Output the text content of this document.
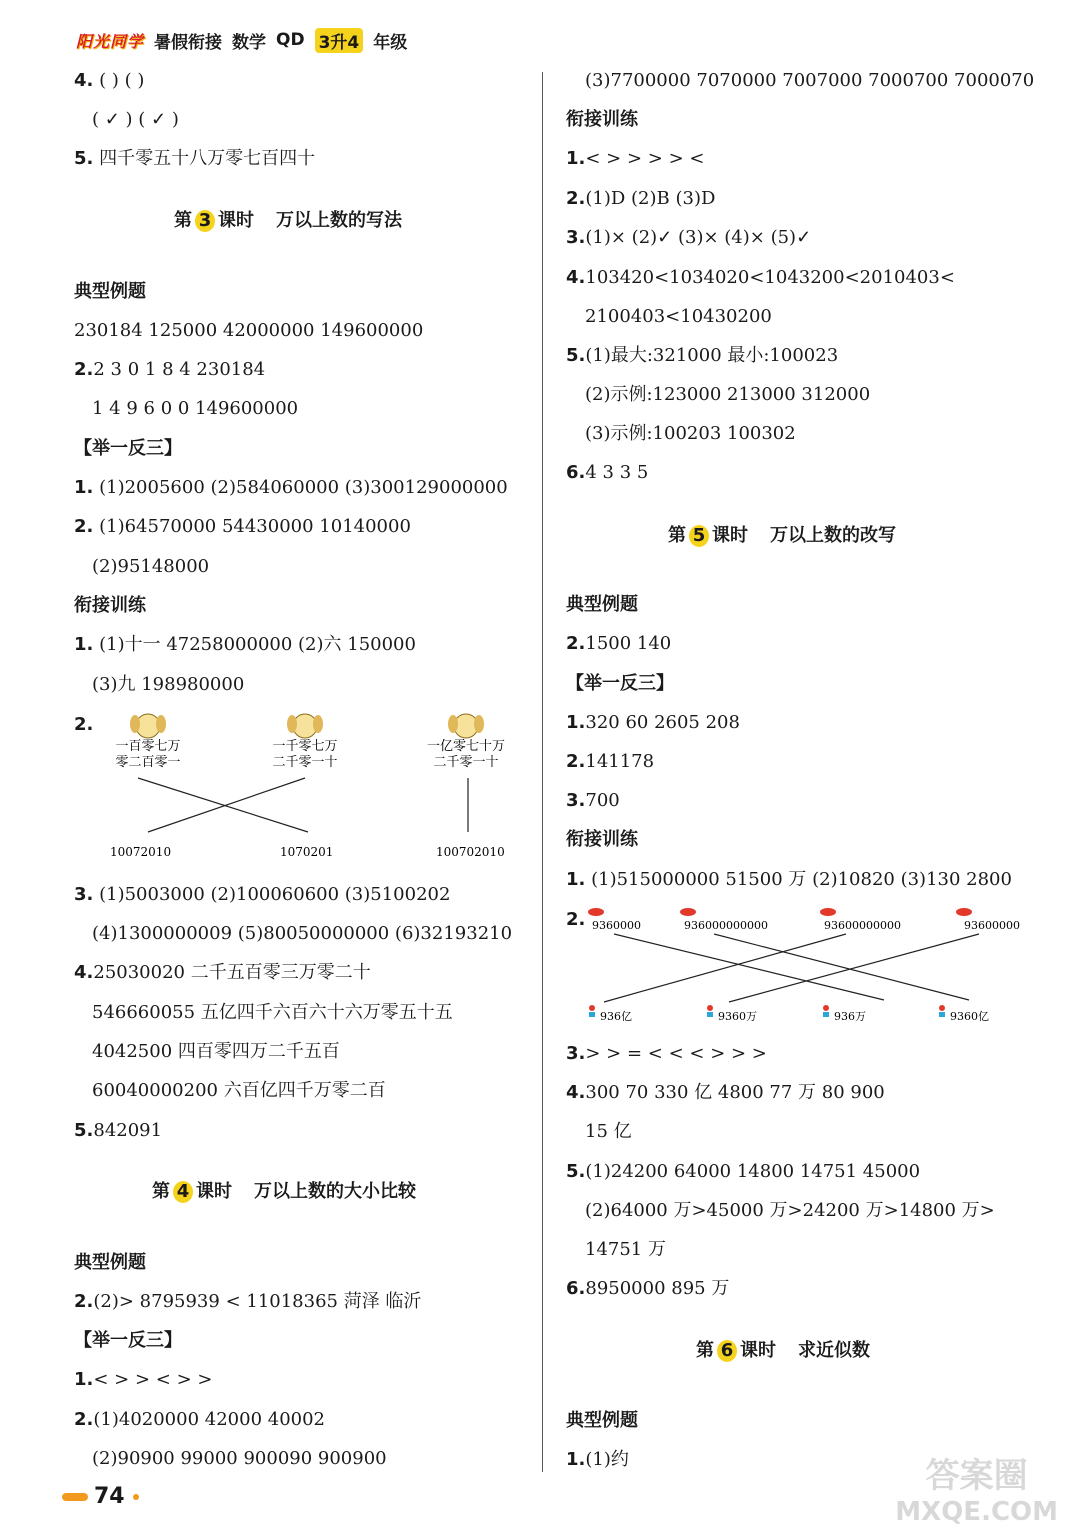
阳光同学 暑假衔接 数学 QD 3升4 年级
4. ( ) ( )
( ✓ ) ( ✓ )
5. 四千零五十八万零七百四十
第 3 课时 万以上数的写法
典型例题
230184 125000 42000000 149600000
2.2 3 0 1 8 4 230184
1 4 9 6 0 0 149600000
【举一反三】
1. (1)2005600 (2)584060000 (3)300129000000
2. (1)64570000 54430000 10140000
(2)95148000
衔接训练
1. (1)十一 47258000000 (2)六 150000
(3)九 198980000
2.
一百零七万
零二百零一
一千零七万
二千零一十
一亿零七十万
二千零一十
10072010	1070201	100702010
3. (1)5003000 (2)100060600 (3)5100202
(4)1300000009 (5)80050000000 (6)32193210
4.25030020 二千五百零三万零二十
546660055 五亿四千六百六十六万零五十五
4042500 四百零四万二千五百
60040000200 六百亿四千万零二百
5.842091
第 4 课时 万以上数的大小比较
典型例题
2.(2)> 8795939 < 11018365 菏泽 临沂
【举一反三】
1.< > > < > >
2.(1)4020000 42000 40002
(2)90900 99000 900090 900900
(3)7700000 7070000 7007000 7000700 7000070
衔接训练
1.< > > > > <
2.(1)D (2)B (3)D
3.(1)× (2)✓ (3)× (4)× (5)✓
4.103420<1034020<1043200<2010403<
2100403<10430200
5.(1)最大:321000 最小:100023
(2)示例:123000 213000 312000
(3)示例:100203 100302
6.4 3 3 5
第 5 课时 万以上数的改写
典型例题
2.1500 140
【举一反三】
1.320 60 2605 208
2.141178
3.700
衔接训练
1. (1)515000000 51500 万 (2)10820 (3)130 2800
2. 9360000	936000000000	93600000000	93600000
936亿	9360万	936万	9360亿
3.> > = < < < > > >
4.300 70 330 亿 4800 77 万 80 900
15 亿
5.(1)24200 64000 14800 14751 45000
(2)64000 万>45000 万>24200 万>14800 万>
14751 万
6.8950000 895 万
第 6 课时 求近似数
典型例题
1.(1)约
74
答案圈
MXQE.COM
